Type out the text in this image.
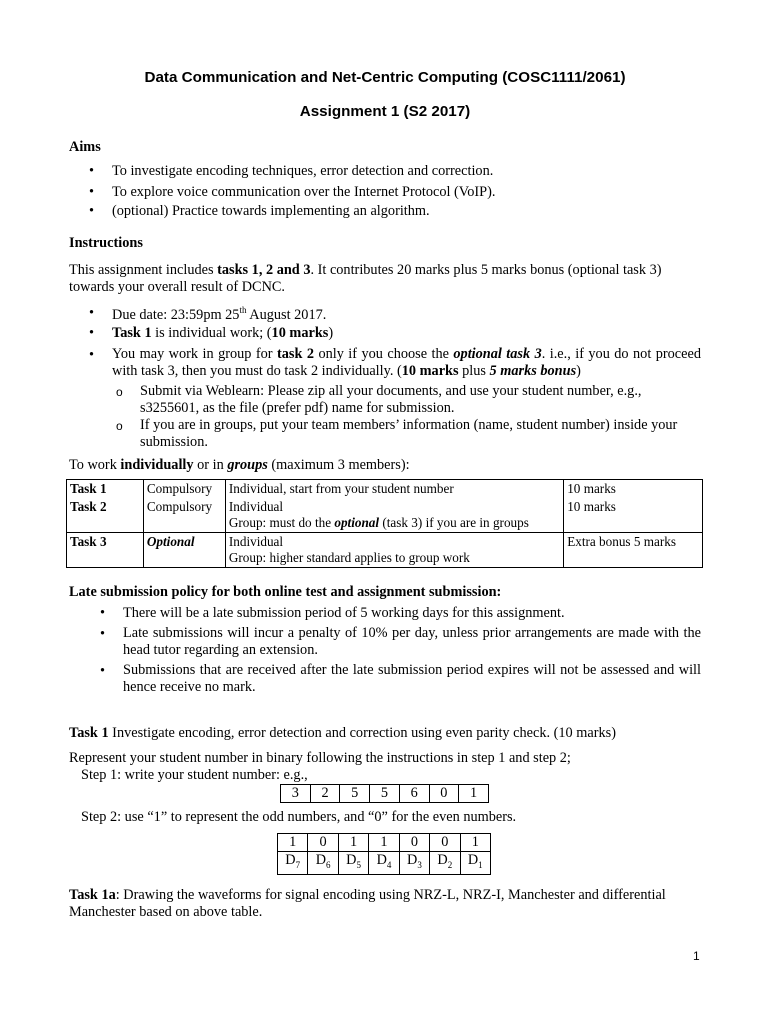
Data Communication and Net-Centric Computing (COSC1111/2061)
Assignment 1 (S2 2017)
Aims
• To investigate encoding techniques, error detection and correction.
• To explore voice communication over the Internet Protocol (VoIP).
• (optional) Practice towards implementing an algorithm.
Instructions
This assignment includes tasks 1, 2 and 3. It contributes 20 marks plus 5 marks bonus (optional task 3) towards your overall result of DCNC.
• Due date: 23:59pm 25th August 2017.
• Task 1 is individual work; (10 marks)
• You may work in group for task 2 only if you choose the optional task 3. i.e., if you do not proceed with task 3, then you must do task 2 individually. (10 marks plus 5 marks bonus)
o Submit via Weblearn: Please zip all your documents, and use your student number, e.g., s3255601, as the file (prefer pdf) name for submission.
o If you are in groups, put your team members’ information (name, student number) inside your submission.
To work individually or in groups (maximum 3 members):
Task 1	Compulsory	Individual, start from your student number	10 marks
Task 2	Compulsory	Individual
Group: must do the optional (task 3) if you are in groups	10 marks
Task 3	Optional	Individual
Group: higher standard applies to group work	Extra bonus 5 marks
Late submission policy for both online test and assignment submission:
• There will be a late submission period of 5 working days for this assignment.
• Late submissions will incur a penalty of 10% per day, unless prior arrangements are made with the head tutor regarding an extension.
• Submissions that are received after the late submission period expires will not be assessed and will hence receive no mark.
Task 1 Investigate encoding, error detection and correction using even parity check. (10 marks)
Represent your student number in binary following the instructions in step 1 and step 2;
Step 1: write your student number: e.g.,
3	2	5	5	6	0	1
Step 2: use “1” to represent the odd numbers, and “0” for the even numbers.
1	0	1	1	0	0	1
$D_7$	$D_6$	$D_5$	$D_4$	$D_3$	$D_2$	$D_1$
Task 1a: Drawing the waveforms for signal encoding using NRZ-L, NRZ-I, Manchester and differential Manchester based on above table.
1
